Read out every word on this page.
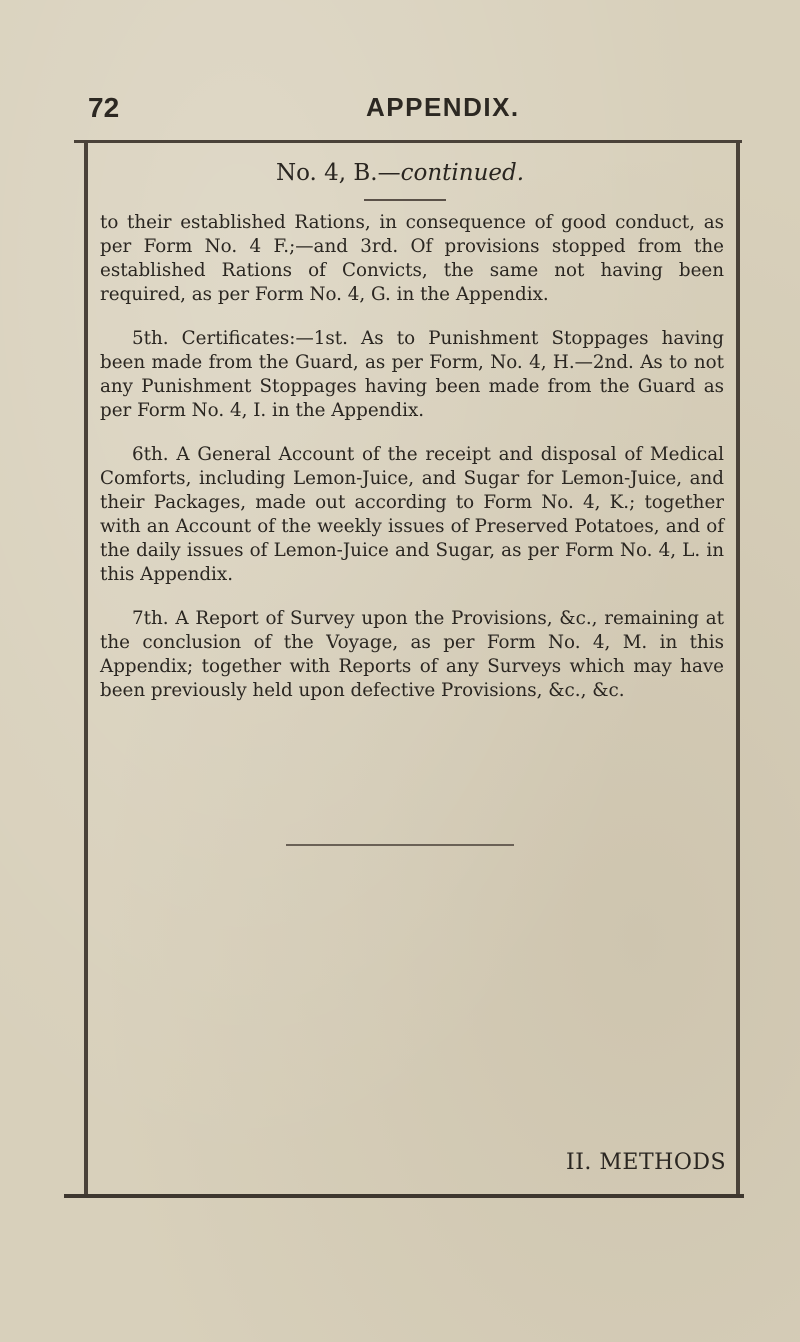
72	APPENDIX.
No. 4, B.—continued.

to their established Rations, in consequence of good conduct, as per Form No. 4 F.;—and 3rd. Of provisions stopped from the established Rations of Convicts, the same not having been required, as per Form No. 4, G. in the Appendix.

5th. Certificates:—1st. As to Punishment Stoppages having been made from the Guard, as per Form, No. 4, H.—2nd. As to not any Punishment Stoppages having been made from the Guard as per Form No. 4, I. in the Appendix.

6th. A General Account of the receipt and disposal of Medical Comforts, including Lemon-Juice, and Sugar for Lemon-Juice, and their Packages, made out according to Form No. 4, K.; together with an Account of the weekly issues of Preserved Potatoes, and of the daily issues of Lemon-Juice and Sugar, as per Form No. 4, L. in this Appendix.

7th. A Report of Survey upon the Provisions, &c., remaining at the conclusion of the Voyage, as per Form No. 4, M. in this Appendix; together with Reports of any Surveys which may have been previously held upon defective Provisions, &c., &c.

II. METHODS
